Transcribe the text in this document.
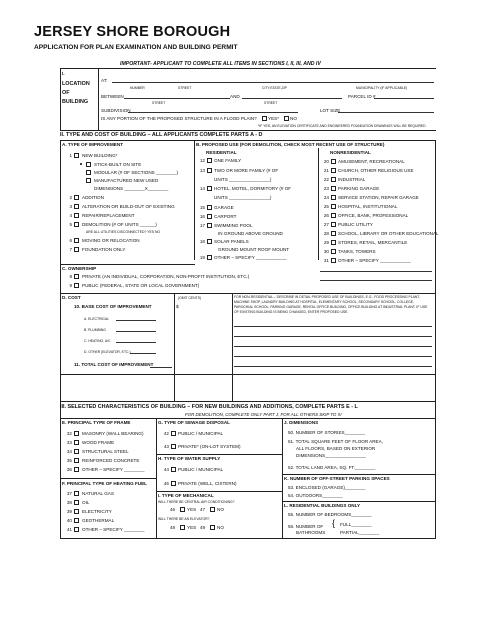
JERSEY SHORE BOROUGH
APPLICATION FOR PLAN EXAMINATION AND BUILDING PERMIT
IMPORTANT- APPLICANT TO COMPLETE ALL ITEMS IN SECTIONS I, II, III, AND IV
I.
LOCATION
OF
BUILDING
AT:
NUMBER	STREET	CITY,STATE,ZIP	MUNICIPALITY (IF APPLICABLE)
BETWEEN	AND	PARCEL ID #
STREET	STREET
SUBDIVISION	LOT SIZE
IS ANY PORTION OF THE PROPOSED STRUCTURE IN A FLOOD PLAIN? YES* NO
*IF YES, AN ELEVATION CERTIFICATE AND ENGINEERED FOUNDATION DRAWINGS WILL BE REQUIRED
II. TYPE AND COST OF BUILDING – ALL APPLICANTS COMPLETE PARTS A - D
A. TYPE OF IMPROVEMENT	B. PROPOSED USE (FOR DEMOLITION, CHECK MOST RECENT USE OF STRUCTURE)
1 NEW BUILDING*
STICK-BUILT ON SITE
MODULAR (# OF SECTIONS ________)
MANUFACTURED NEW USED
DIMENSIONS ________X________
2 ADDITION
3 ALTERATION OR BUILD-OUT OF EXISTING
4 REPAIR/REPLACEMENT
5 DEMOLITION (# OF UNITS ______)
ARE ALL UTILITIES DISCONNECTED? YES NO
6 MOVING OR RELOCATION
7 FOUNDATION ONLY
RESIDENTIAL	NONRESIDENTIAL
12 ONE FAMILY
13 TWO OR MORE FAMILY (# OF
UNITS ________________)
14 HOTEL, MOTEL, DORMITORY (# OF
UNITS ________________)
15 GARAGE
16 CARPORT
17 SWIMMING POOL
IN GROUND ABOVE GROUND
18 SOLAR PANELS
GROUND MOUNT ROOF MOUNT
19 OTHER – SPECIFY ____________
20 AMUSEMENT, RECREATIONAL
21 CHURCH, OTHER RELIGIOUS USE
22 INDUSTRIAL
23 PARKING GARAGE
24 SERVICE STATION, REPAIR GARAGE
25 HOSPITAL, INSTITUTIONAL
26 OFFICE, BANK, PROFESSIONAL
27 PUBLIC UTILITY
28 SCHOOL, LIBRARY OR OTHER EDUCATIONAL
29 STORES, RETAIL, MERCANTILE
30 TANKS, TOWERS
31 OTHER – SPECIFY ____________
C. OWNERSHIP
8 PRIVATE (AN INDIVIDUAL, CORPORATION, NON-PROFIT INSTITUTION, ETC.)
9 PUBLIC (FEDERAL, STATE OR LOCAL GOVERNMENT)
D. COST	(OMIT CENTS)
10. BASE COST OF IMPROVEMENT	$
A. ELECTRICAL
B. PLUMBING
C. HEATING, A/C
D. OTHER (ELEVATOR, ETC.)
11. TOTAL COST OF IMPROVEMENT
FOR NON-RESIDENTIAL – DESCRIBE IN DETAIL PROPOSED USE OF BUILDINGS, E.G., FOOD PROCESSING PLANT, MACHINE SHOP, LAUNDRY BUILDING AT HOSPITAL, ELEMENTARY SCHOOL, SECONDARY SCHOOL, COLLEGE, PAROCHIAL SCHOOL, PARKING GARAGE, RENTAL OFFICE BUILDING, OFFICE BUILDING AT INDUSTRIAL PLANT. IF USE OF EXISTING BUILDING IS BEING CHANGED, ENTER PROPOSED USE.
III. SELECTED CHARACTERISTICS OF BUILDING – FOR NEW BUILDINGS AND ADDITIONS, COMPLETE PARTS E - L
FOR DEMOLITION, COMPLETE ONLY PART J, FOR ALL OTHERS SKIP TO IV
E. PRINCIPAL TYPE OF FRAME
32 MASONRY (WALL BEARING)
33 WOOD FRAME
34 STRUCTURAL STEEL
35 REINFORCED CONCRETE
36 OTHER – SPECIFY ________
F. PRINCIPAL TYPE OF HEATING FUEL
37 NATURAL GAS
38 OIL
39 ELECTRICITY
40 GEOTHERMAL
41 OTHER – SPECIFY ________
G. TYPE OF SEWAGE DISPOSAL
42 PUBLIC / MUNICIPAL
43 PRIVATE* (ON-LOT SYSTEM)
H. TYPE OF WATER SUPPLY
44 PUBLIC / MUNICIPAL
45 PRIVATE (WELL, CISTERN)
I. TYPE OF MECHANICAL
WILL THERE BE CENTRAL AIR CONDITIONING?
46	YES 47	NO
WILL THERE BE AN ELEVATOR?
48	YES 49	NO
J. DIMENSIONS
50. NUMBER OF STORIES________
51. TOTAL SQUARE FEET OF FLOOR AREA,
ALL FLOORS, BASED ON EXTERIOR
DIMENSIONS________________
52. TOTAL LAND AREA, SQ. FT.________
K. NUMBER OF OFF-STREET PARKING SPACES
53. ENCLOSED (GARAGE)________
54. OUTDOORS________
L. RESIDENTIAL BUILDINGS ONLY
55. NUMBER OF BEDROOMS________
56. NUMBER OF
BATHROOMS
{ FULL________
PARTIAL________
